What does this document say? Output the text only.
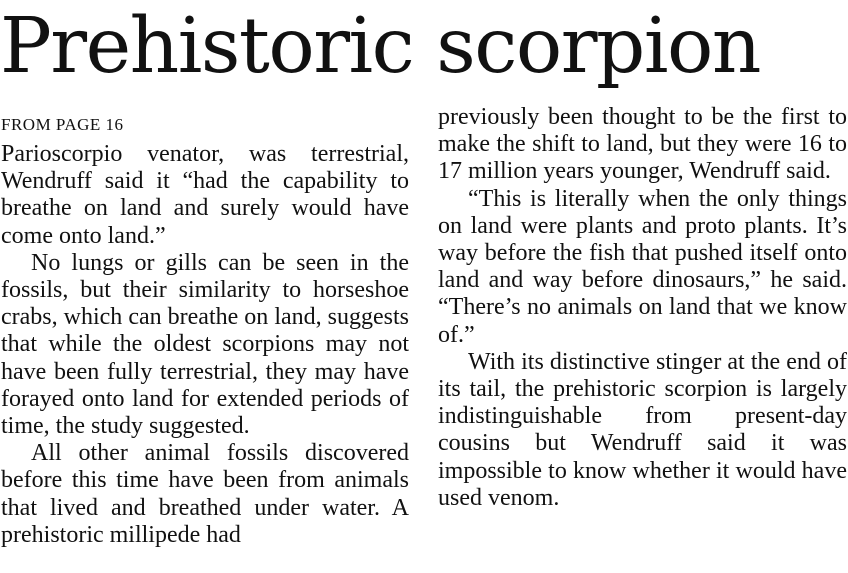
Prehistoric scorpion
FROM PAGE 16

Parioscorpio venator, was terrestrial, Wendruff said it “had the capability to breathe on land and surely would have come onto land.”

No lungs or gills can be seen in the fossils, but their similarity to horseshoe crabs, which can breathe on land, suggests that while the oldest scorpions may not have been fully terrestrial, they may have forayed onto land for extended periods of time, the study suggested.

All other animal fossils discovered before this time have been from animals that lived and breathed under water. A prehistoric millipede had

previously been thought to be the first to make the shift to land, but they were 16 to 17 million years younger, Wendruff said.

“This is literally when the only things on land were plants and proto plants. It’s way before the fish that pushed itself onto land and way before dinosaurs,” he said. “There’s no animals on land that we know of.”

With its distinctive stinger at the end of its tail, the prehistoric scorpion is largely indistinguishable from present-day cousins but Wendruff said it was impossible to know whether it would have used venom.
